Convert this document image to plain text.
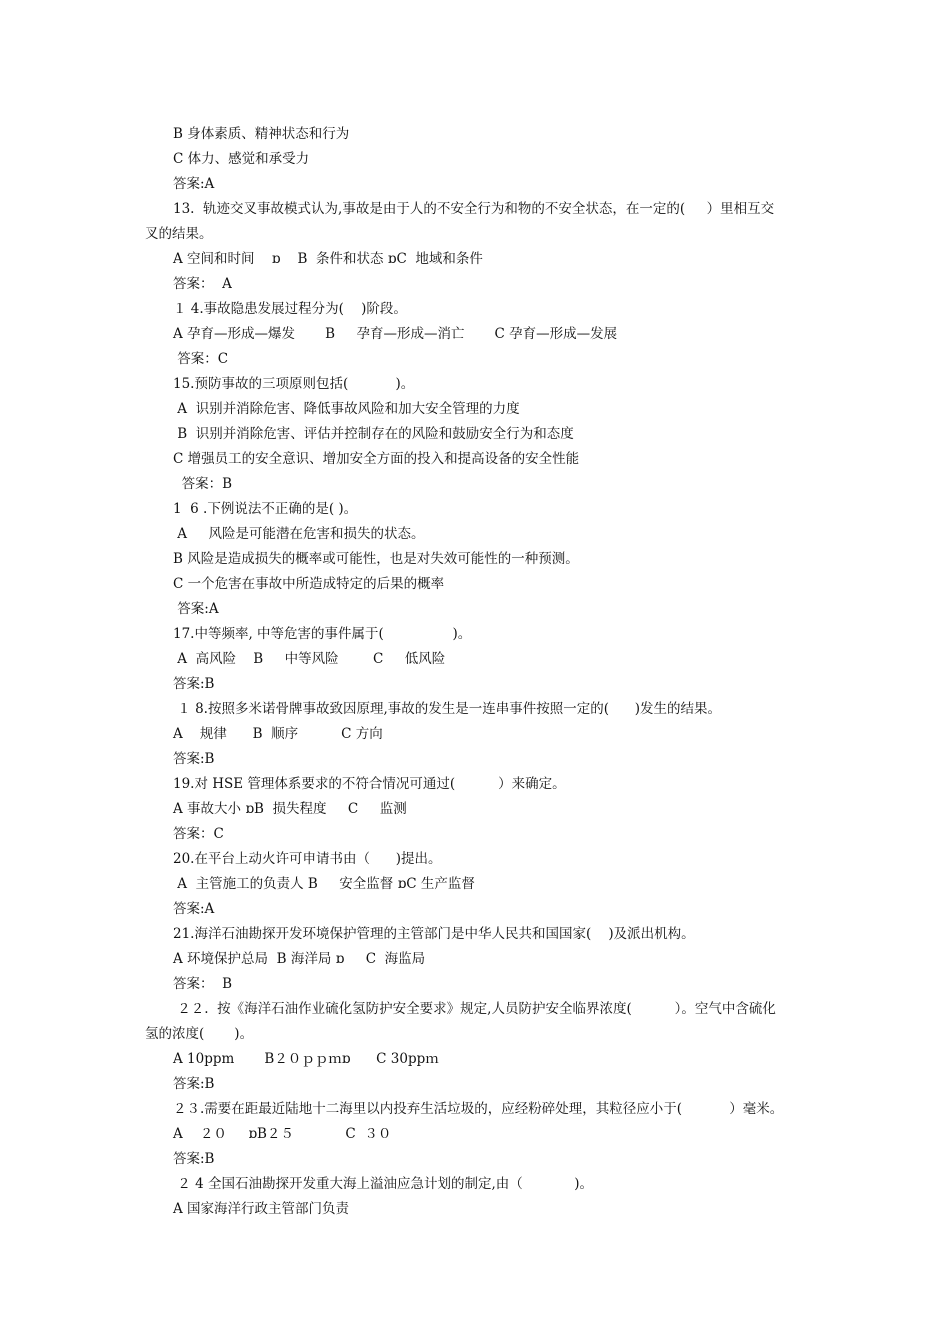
B 身体素质、精神状态和行为
C 体力、感觉和承受力
答案:A
13.  轨迹交叉事故模式认为,事故是由于人的不安全行为和物的不安全状态，在一定的(     ）里相互交
叉的结果。
A 空间和时间    ɒ    B  条件和状态 ɒC  地域和条件
答案：  A
１ 4.事故隐患发展过程分为(    )阶段。
A 孕育—形成—爆发       B     孕育—形成—消亡       C 孕育—形成—发展
答案：C
15.预防事故的三项原则包括(           )。
A  识别并消除危害、降低事故风险和加大安全管理的力度
B  识别并消除危害、评估并控制存在的风险和鼓励安全行为和态度
C 增强员工的安全意识、增加安全方面的投入和提高设备的安全性能
答案：B
1  6 .下例说法不正确的是( )。
A     风险是可能潜在危害和损失的状态。
B 风险是造成损失的概率或可能性，也是对失效可能性的一种预测。
C 一个危害在事故中所造成特定的后果的概率
答案:A
17.中等频率, 中等危害的事件属于(                )。
A  高风险    B     中等风险        C     低风险
答案:B
１ 8.按照多米诺骨牌事故致因原理,事故的发生是一连串事件按照一定的(      )发生的结果。
A    规律      B  顺序          C 方向
答案:B
19.对 HSE 管理体系要求的不符合情况可通过(          ）来确定。
A 事故大小 ɒB  损失程度     C     监测
答案：C
20.在平台上动火许可申请书由（      )提出。
A  主管施工的负责人 B     安全监督 ɒC 生产监督
答案:A
21.海洋石油勘探开发环境保护管理的主管部门是中华人民共和国国家(    )及派出机构。
A 环境保护总局  B 海洋局 ɒ     C  海监局
答案：  B
２２.  按《海洋石油作业硫化氢防护安全要求》规定,人员防护安全临界浓度(          ）。空气中含硫化
氢的浓度(       )。
A 10ppm       B２０ｐｐｍɒ      C 30ppｍ
答案:B
２３.需要在距最近陆地十二海里以内投弃生活垃圾的，应经粉碎处理，其粒径应小于(           ）毫米。
A    ２０     ɒB２５            C  ３０
答案:B
２ 4 全国石油勘探开发重大海上溢油应急计划的制定,由（            )。
A 国家海洋行政主管部门负责
